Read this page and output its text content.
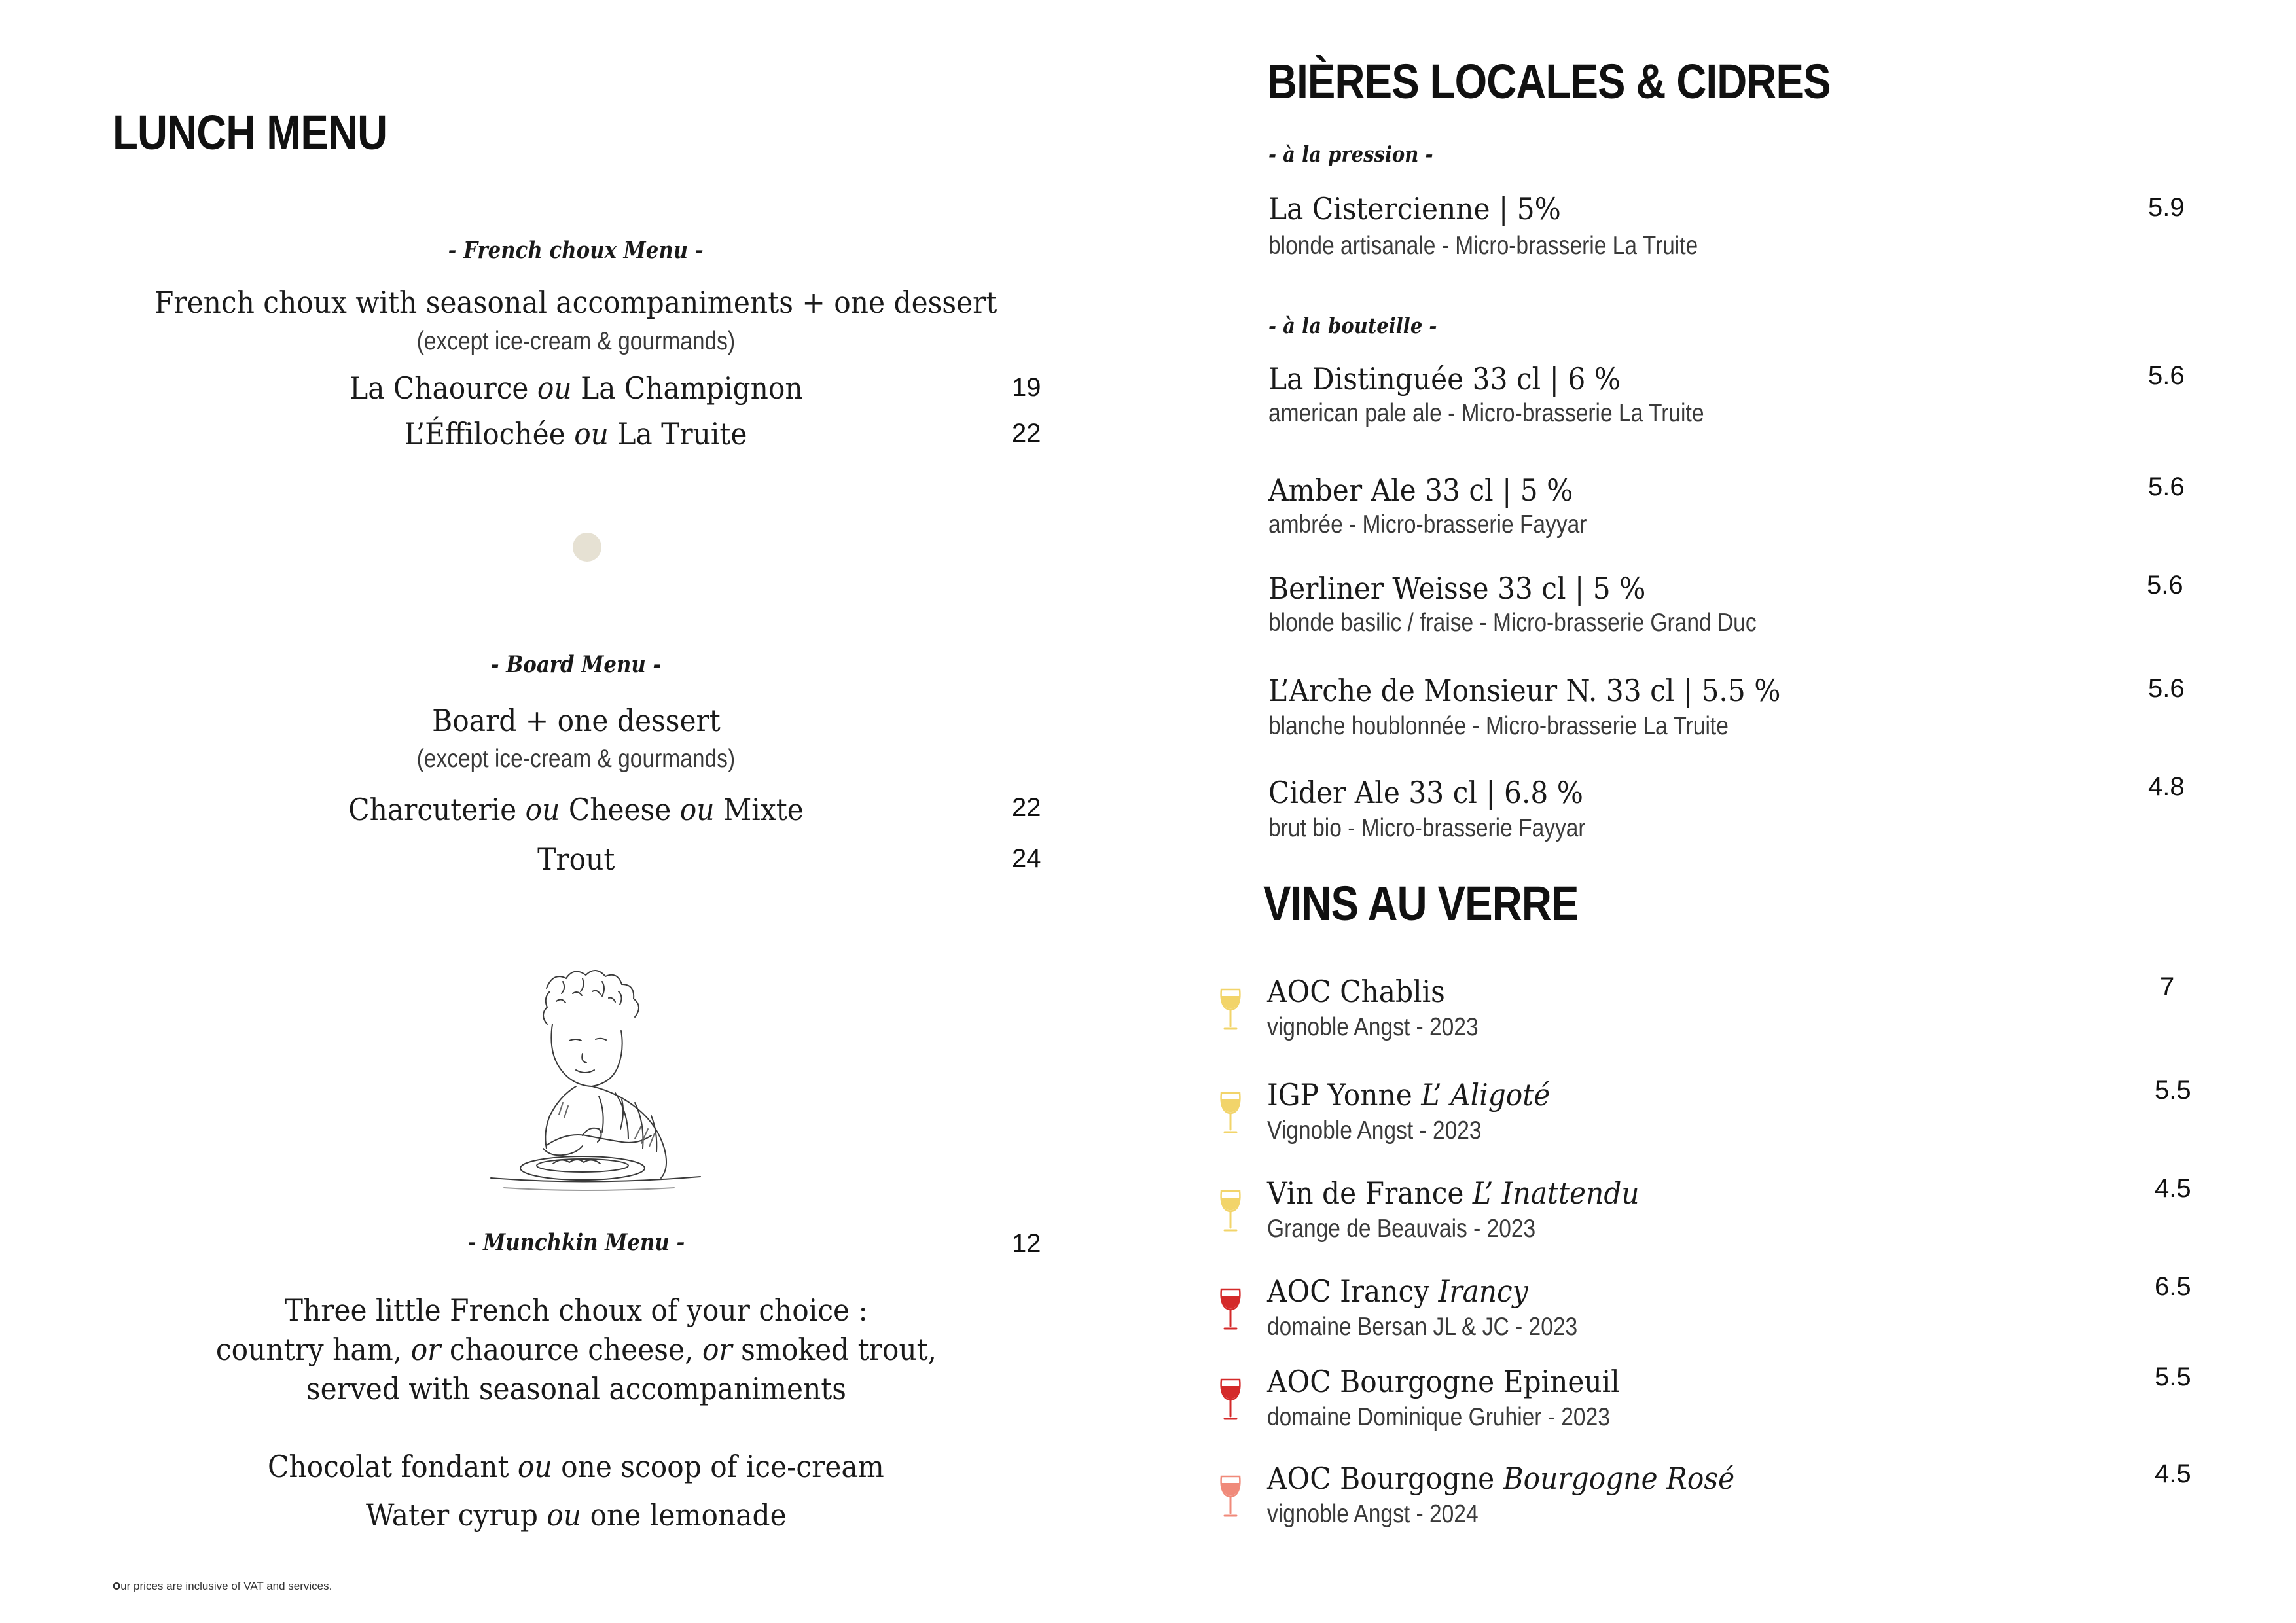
LUNCH MENU
- French choux Menu -
French choux with seasonal accompaniments + one dessert
(except ice-cream & gourmands)
La Chaource ou La Champignon	19
L’Éffilochée ou La Truite	22
- Board Menu -
Board + one dessert
(except ice-cream & gourmands)
Charcuterie ou Cheese ou Mixte	22
Trout	24
- Munchkin Menu -	12
Three little French choux of your choice :
country ham, or chaource cheese, or smoked trout,
served with seasonal accompaniments
Chocolat fondant ou one scoop of ice-cream
Water cyrup ou one lemonade
our prices are inclusive of VAT and services.
BIÈRES LOCALES & CIDRES
- à la pression -
La Cistercienne | 5%
blonde artisanale - Micro-brasserie La Truite
5.9
- à la bouteille -
La Distinguée 33 cl | 6 %
american pale ale - Micro-brasserie La Truite
5.6
Amber Ale 33 cl | 5 %
ambrée - Micro-brasserie Fayyar
5.6
Berliner Weisse 33 cl | 5 %
blonde basilic / fraise - Micro-brasserie Grand Duc
5.6
L’Arche de Monsieur N. 33 cl | 5.5 %
blanche houblonnée - Micro-brasserie La Truite
5.6
Cider Ale 33 cl | 6.8 %
brut bio - Micro-brasserie Fayyar
4.8
VINS AU VERRE
AOC Chablis
vignoble Angst - 2023
7
IGP Yonne L’ Aligoté
Vignoble Angst - 2023
5.5
Vin de France L’ Inattendu
Grange de Beauvais - 2023
4.5
AOC Irancy Irancy
domaine Bersan JL & JC - 2023
6.5
AOC Bourgogne Epineuil
domaine Dominique Gruhier - 2023
5.5
AOC Bourgogne Bourgogne Rosé
vignoble Angst - 2024
4.5
